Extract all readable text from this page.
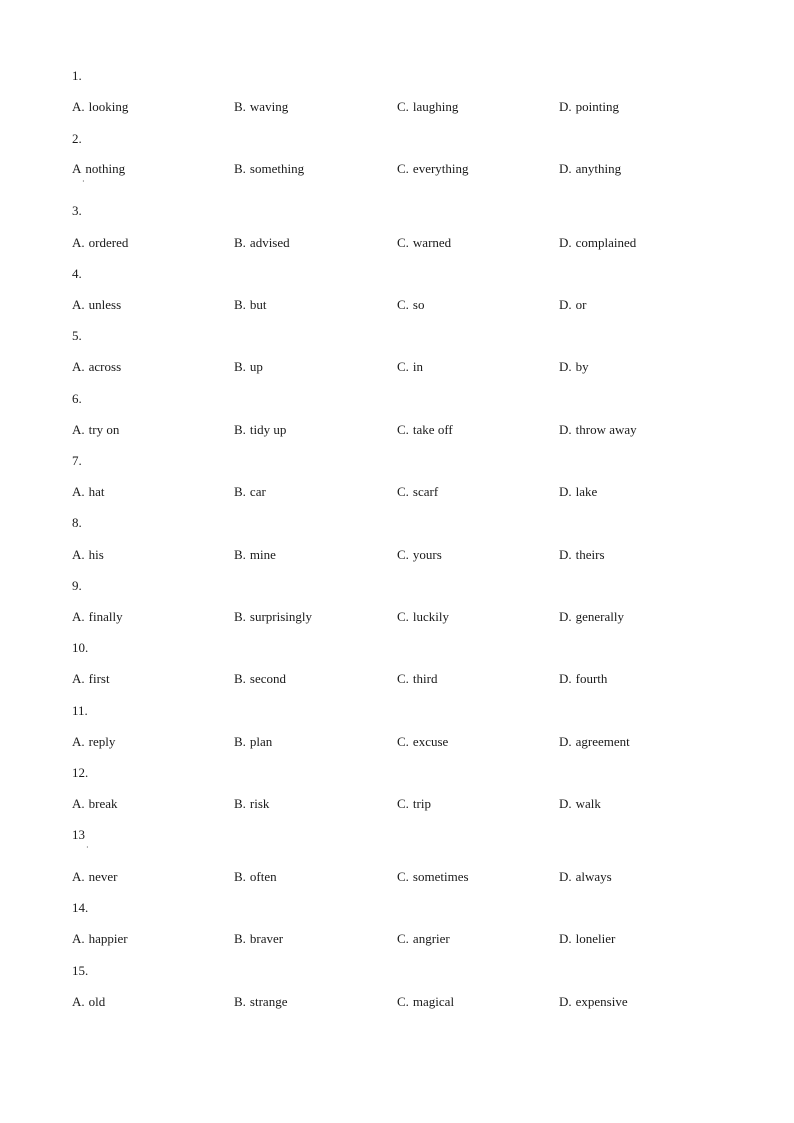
1.
A. looking	B. waving	C. laughing	D. pointing
2.
A nothing	B. something	C. everything	D. anything
3.
A. ordered	B. advised	C. warned	D. complained
4.
A. unless	B. but	C. so	D. or
5.
A. across	B. up	C. in	D. by
6.
A. try on	B. tidy up	C. take off	D. throw away
7.
A. hat	B. car	C. scarf	D. lake
8.
A. his	B. mine	C. yours	D. theirs
9.
A. finally	B. surprisingly	C. luckily	D. generally
10.
A. first	B. second	C. third	D. fourth
11.
A. reply	B. plan	C. excuse	D. agreement
12.
A. break	B. risk	C. trip	D. walk
13
A. never	B. often	C. sometimes	D. always
14.
A. happier	B. braver	C. angrier	D. lonelier
15.
A. old	B. strange	C. magical	D. expensive
·
·
